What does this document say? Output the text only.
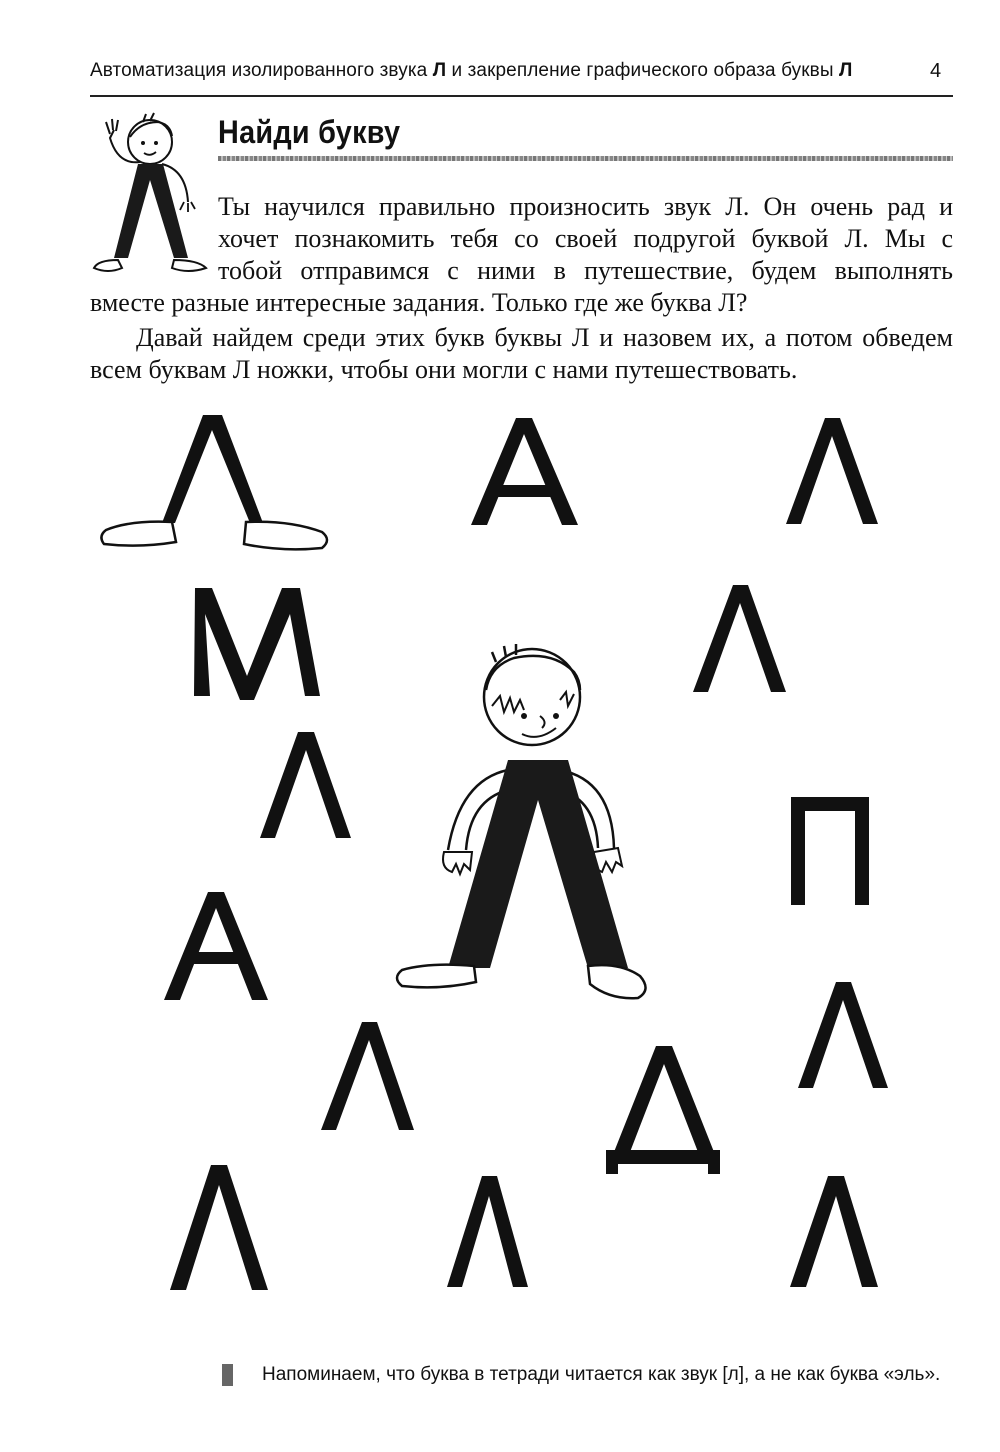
Автоматизация изолированного звука Л и закрепление графического образа буквы Л	4
Найди букву
Ты научился правильно произносить звук Л. Он очень рад и
хочет познакомить тебя со своей подругой буквой Л. Мы с
тобой отправимся с ними в путешествие, будем выполнять
вместе разные интересные задания. Только где же буква Л?
Давай найдем среди этих букв буквы Л и назовем их, а потом обведем
всем буквам Л ножки, чтобы они могли с нами путешествовать.
Напоминаем, что буква в тетради читается как звук [л], а не как буква «эль».
